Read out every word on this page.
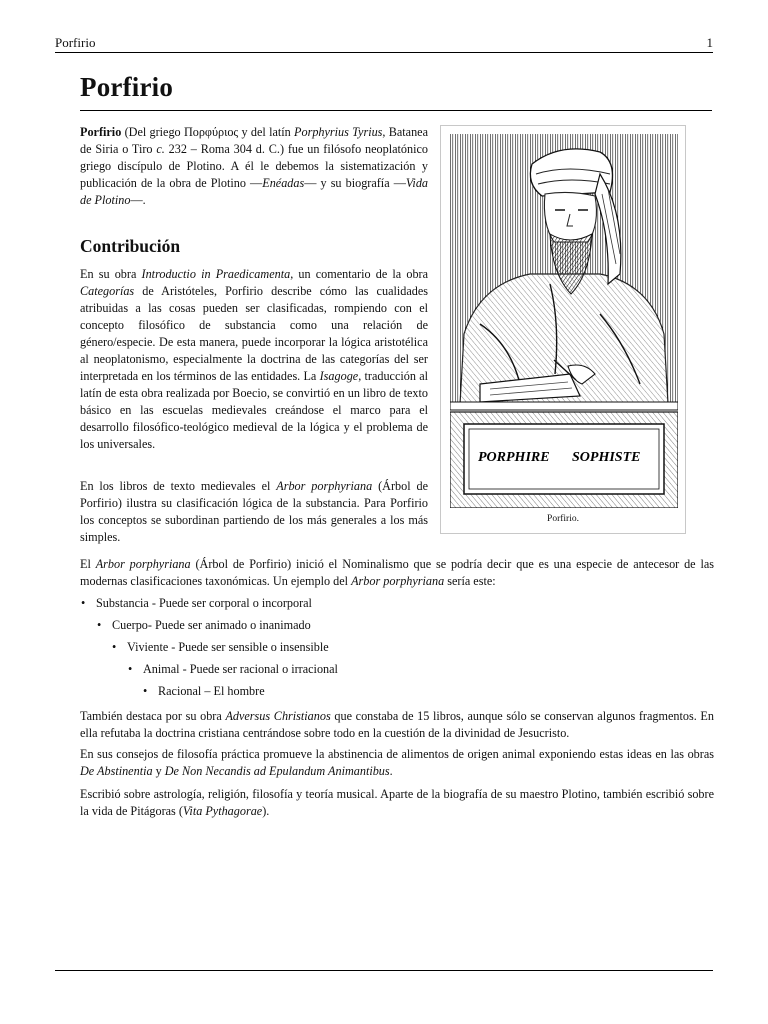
Porfirio	1
Porfirio

Porfirio (Del griego Πορφύριος y del latín Porphyrius Tyrius, Batanea de Siria o Tiro c. 232 – Roma 304 d. C.) fue un filósofo neoplatónico griego discípulo de Plotino. A él le debemos la sistematización y publicación de la obra de Plotino —Enéadas— y su biografía —Vida de Plotino—.

Contribución

En su obra Introductio in Praedicamenta, un comentario de la obra Categorías de Aristóteles, Porfirio describe cómo las cualidades atribuidas a las cosas pueden ser clasificadas, rompiendo con el concepto filosófico de substancia como una relación de género/especie. De esta manera, puede incorporar la lógica aristotélica al neoplatonismo, especialmente la doctrina de las categorías del ser interpretada en los términos de las entidades. La Isagoge, traducción al latín de esta obra realizada por Boecio, se convirtió en un libro de texto básico en las escuelas medievales creándose el marco para el desarrollo filosófico-teológico medieval de la lógica y el problema de los universales.

En los libros de texto medievales el Arbor porphyriana (Árbol de Porfirio) ilustra su clasificación lógica de la substancia. Para Porfirio los conceptos se subordinan partiendo de los más generales a los más simples.

PORPHIRE SOPHISTE
Porfirio.

El Arbor porphyriana (Árbol de Porfirio) inició el Nominalismo que se podría decir que es una especie de antecesor de las modernas clasificaciones taxonómicas. Un ejemplo del Arbor porphyriana sería este:

• Substancia - Puede ser corporal o incorporal
• Cuerpo- Puede ser animado o inanimado
• Viviente - Puede ser sensible o insensible
• Animal - Puede ser racional o irracional
• Racional – El hombre

También destaca por su obra Adversus Christianos que constaba de 15 libros, aunque sólo se conservan algunos fragmentos. En ella refutaba la doctrina cristiana centrándose sobre todo en la cuestión de la divinidad de Jesucristo.

En sus consejos de filosofía práctica promueve la abstinencia de alimentos de origen animal exponiendo estas ideas en las obras De Abstinentia y De Non Necandis ad Epulandum Animantibus.

Escribió sobre astrología, religión, filosofía y teoría musical. Aparte de la biografía de su maestro Plotino, también escribió sobre la vida de Pitágoras (Vita Pythagorae).
